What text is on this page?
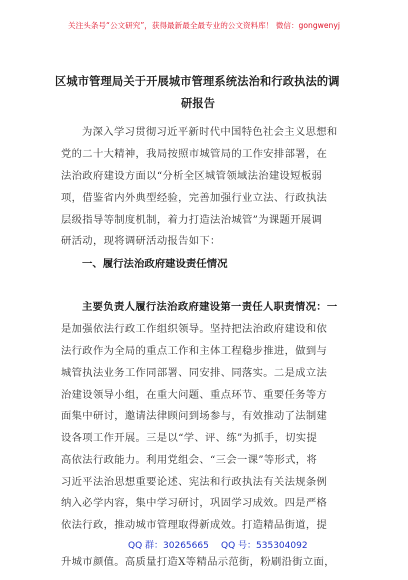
关注头条号“公文研究”，获得最新最全最专业的公文资料库！ 微信：gongwenyj
区城市管理局关于开展城市管理系统法治和行政执法的调
研报告
为深入学习贯彻习近平新时代中国特色社会主义思想和
党的二十大精神，我局按照市城管局的工作安排部署，在
法治政府建设方面以“分析全区城管领域法治建设短板弱
项，借鉴省内外典型经验，完善加强行业立法、行政执法
层级指导等制度机制，着力打造法治城管”为课题开展调
研活动，现将调研活动报告如下：
一、履行法治政府建设责任情况
主要负责人履行法治政府建设第一责任人职责情况：一
是加强依法行政工作组织领导。坚持把法治政府建设和依
法行政作为全局的重点工作和主体工程稳步推进，做到与
城管执法业务工作同部署、同安排、同落实。二是成立法
治建设领导小组，在重大问题、重点环节、重要任务等方
面集中研讨，邀请法律顾问到场参与，有效推动了法制建
设各项工作开展。三是以“学、评、练”为抓手，切实提
高依法行政能力。利用党组会、“三会一课”等形式，将
习近平法治思想重要论述、宪法和行政执法有关法规条例
纳入必学内容，集中学习研讨，巩固学习成效。四是严格
依法行政，推动城市管理取得新成效。打造精品街道，提
升城市颜值。高质量打造X等精品示范街，粉刷沿街立面，
QQ 群：30265665 QQ 号：535304092
